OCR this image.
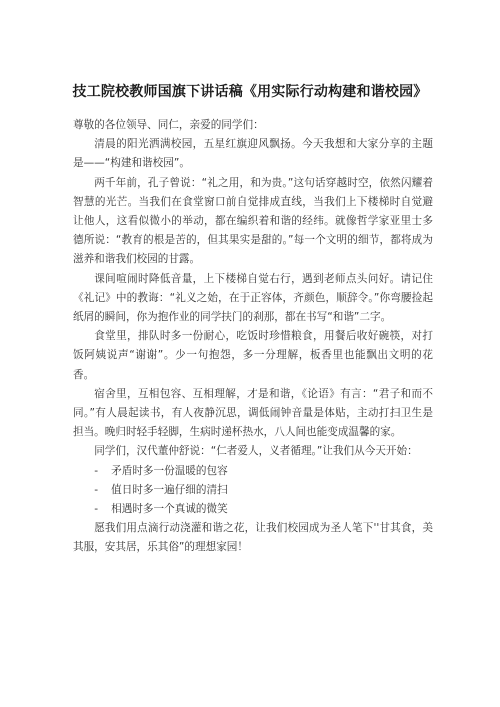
技工院校教师国旗下讲话稿《用实际行动构建和谐校园》

尊敬的各位领导、同仁，亲爱的同学们：

清晨的阳光洒满校园，五星红旗迎风飘扬。今天我想和大家分享的主题是——“构建和谐校园”。

两千年前，孔子曾说：“礼之用，和为贵。”这句话穿越时空，依然闪耀着智慧的光芒。当我们在食堂窗口前自觉排成直线，当我们上下楼梯时自觉避让他人，这看似微小的举动，都在编织着和谐的经纬。就像哲学家亚里士多德所说：“教育的根是苦的，但其果实是甜的。”每一个文明的细节，都将成为滋养和谐我们校园的甘露。

课间喧闹时降低音量，上下楼梯自觉右行，遇到老师点头问好。请记住《礼记》中的教诲：“礼义之始，在于正容体，齐颜色，顺辞令。”你弯腰捡起纸屑的瞬间，你为抱作业的同学扶门的刹那，都在书写“和谐”二字。

食堂里，排队时多一份耐心，吃饭时珍惜粮食，用餐后收好碗筷，对打饭阿姨说声“谢谢”。少一句抱怨，多一分理解，板香里也能飘出文明的花香。

宿舍里，互相包容、互相理解，才是和谐，《论语》有言：“君子和而不同。”有人晨起读书，有人夜静沉思，调低闹钟音量是体贴，主动打扫卫生是担当。晚归时轻手轻脚，生病时递杯热水，八人间也能变成温馨的家。

同学们，汉代董仲舒说：“仁者爱人，义者循理。”让我们从今天开始：

- 矛盾时多一份温暖的包容
- 值日时多一遍仔细的清扫
- 相遇时多一个真诚的微笑

愿我们用点滴行动浇灌和谐之花，让我们校园成为圣人笔下''甘其食，美其服，安其居，乐其俗”的理想家园！
